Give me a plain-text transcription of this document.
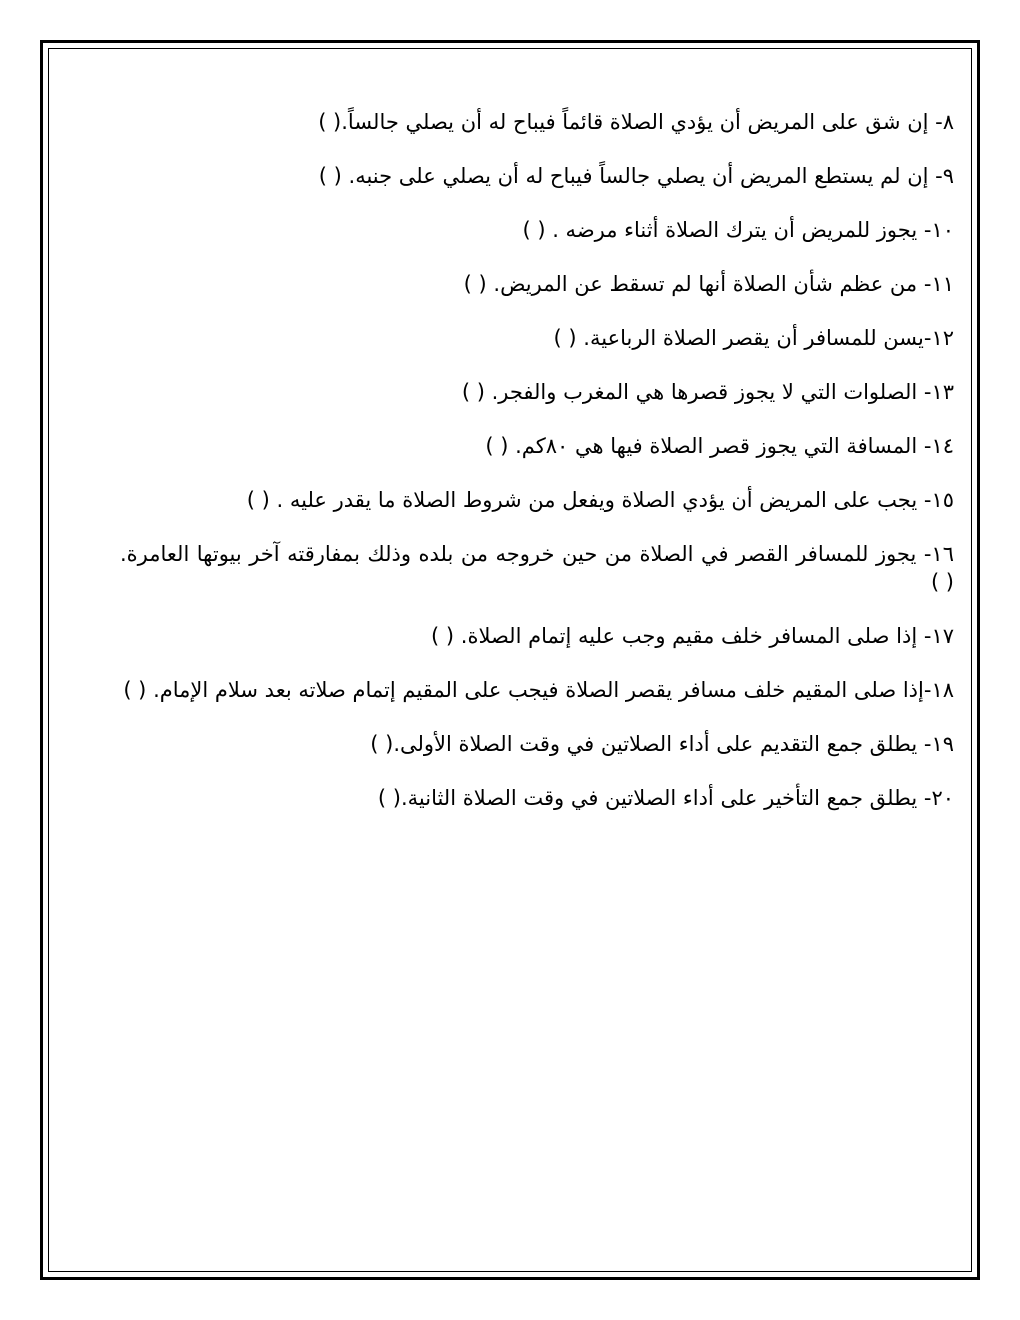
٨- إن شق على المريض أن يؤدي الصلاة قائماً فيباح له أن يصلي جالساً.( )

٩- إن لم يستطع المريض أن يصلي جالساً فيباح له أن يصلي على جنبه. ( )

١٠- يجوز للمريض أن يترك الصلاة أثناء مرضه . ( )

١١- من عظم شأن الصلاة أنها لم تسقط عن المريض. ( )

١٢-يسن للمسافر أن يقصر الصلاة الرباعية. ( )

١٣- الصلوات التي لا يجوز قصرها هي المغرب والفجر. ( )

١٤- المسافة التي يجوز قصر الصلاة فيها هي ٨٠كم. ( )

١٥- يجب على المريض أن يؤدي الصلاة ويفعل من شروط الصلاة ما يقدر عليه . ( )

١٦- يجوز للمسافر القصر في الصلاة من حين خروجه من بلده وذلك بمفارقته آخر بيوتها العامرة. ( )

١٧- إذا صلى المسافر خلف مقيم وجب عليه إتمام الصلاة. ( )

١٨-إذا صلى المقيم خلف مسافر يقصر الصلاة فيجب على المقيم إتمام صلاته بعد سلام الإمام. ( )

١٩- يطلق جمع التقديم على أداء الصلاتين في وقت الصلاة الأولى.( )

٢٠- يطلق جمع التأخير على أداء الصلاتين في وقت الصلاة الثانية.( )
